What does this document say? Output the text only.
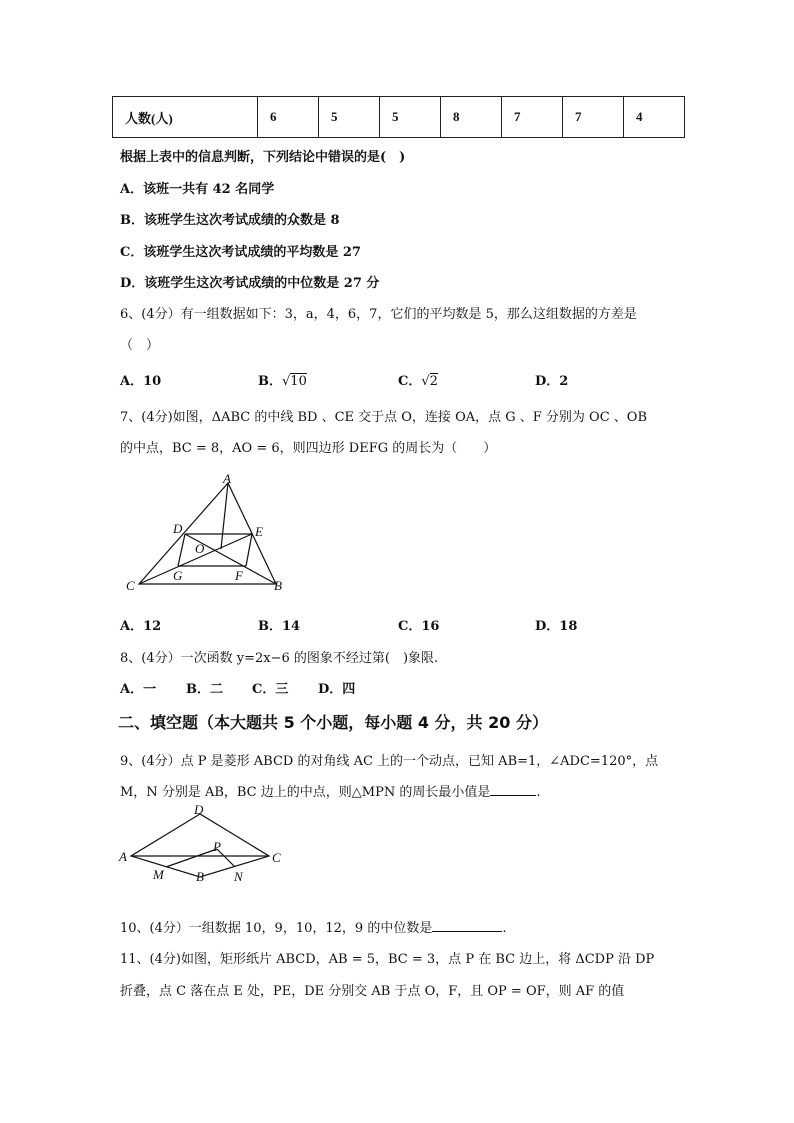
人数(人)	6	5	5	8	7	7	4
根据上表中的信息判断，下列结论中错误的是(　)
A．该班一共有 42 名同学
B．该班学生这次考试成绩的众数是 8
C．该班学生这次考试成绩的平均数是 27
D．该班学生这次考试成绩的中位数是 27 分
6、(4分）有一组数据如下：3，a，4，6，7，它们的平均数是 5，那么这组数据的方差是
（　）
A．10	B．√10	C．√2	D．2
7、(4分)如图，ΔABC 的中线 BD 、CE 交于点 O，连接 OA，点 G 、F 分别为 OC 、OB
的中点，BC = 8，AO = 6，则四边形 DEFG 的周长为（　　）
A
D	E
O
C
G	F
B
A．12	B．14	C．16	D．18
8、(4分）一次函数 y=2x−6 的图象不经过第(　)象限.
A．一 B．二 C．三 D．四
二、填空题（本大题共 5 个小题，每小题 4 分，共 20 分）
9、(4分）点 P 是菱形 ABCD 的对角线 AC 上的一个动点，已知 AB=1，∠ADC=120°，点
M，N 分别是 AB，BC 边上的中点，则△MPN 的周长最小值是	.
D
A
P
C
M	N
B
10、(4分）一组数据 10，9，10，12，9 的中位数是	.
11、(4分)如图，矩形纸片 ABCD，AB = 5，BC = 3，点 P 在 BC 边上，将 ΔCDP 沿 DP
折叠，点 C 落在点 E 处，PE，DE 分别交 AB 于点 O，F，且 OP = OF，则 AF 的值
